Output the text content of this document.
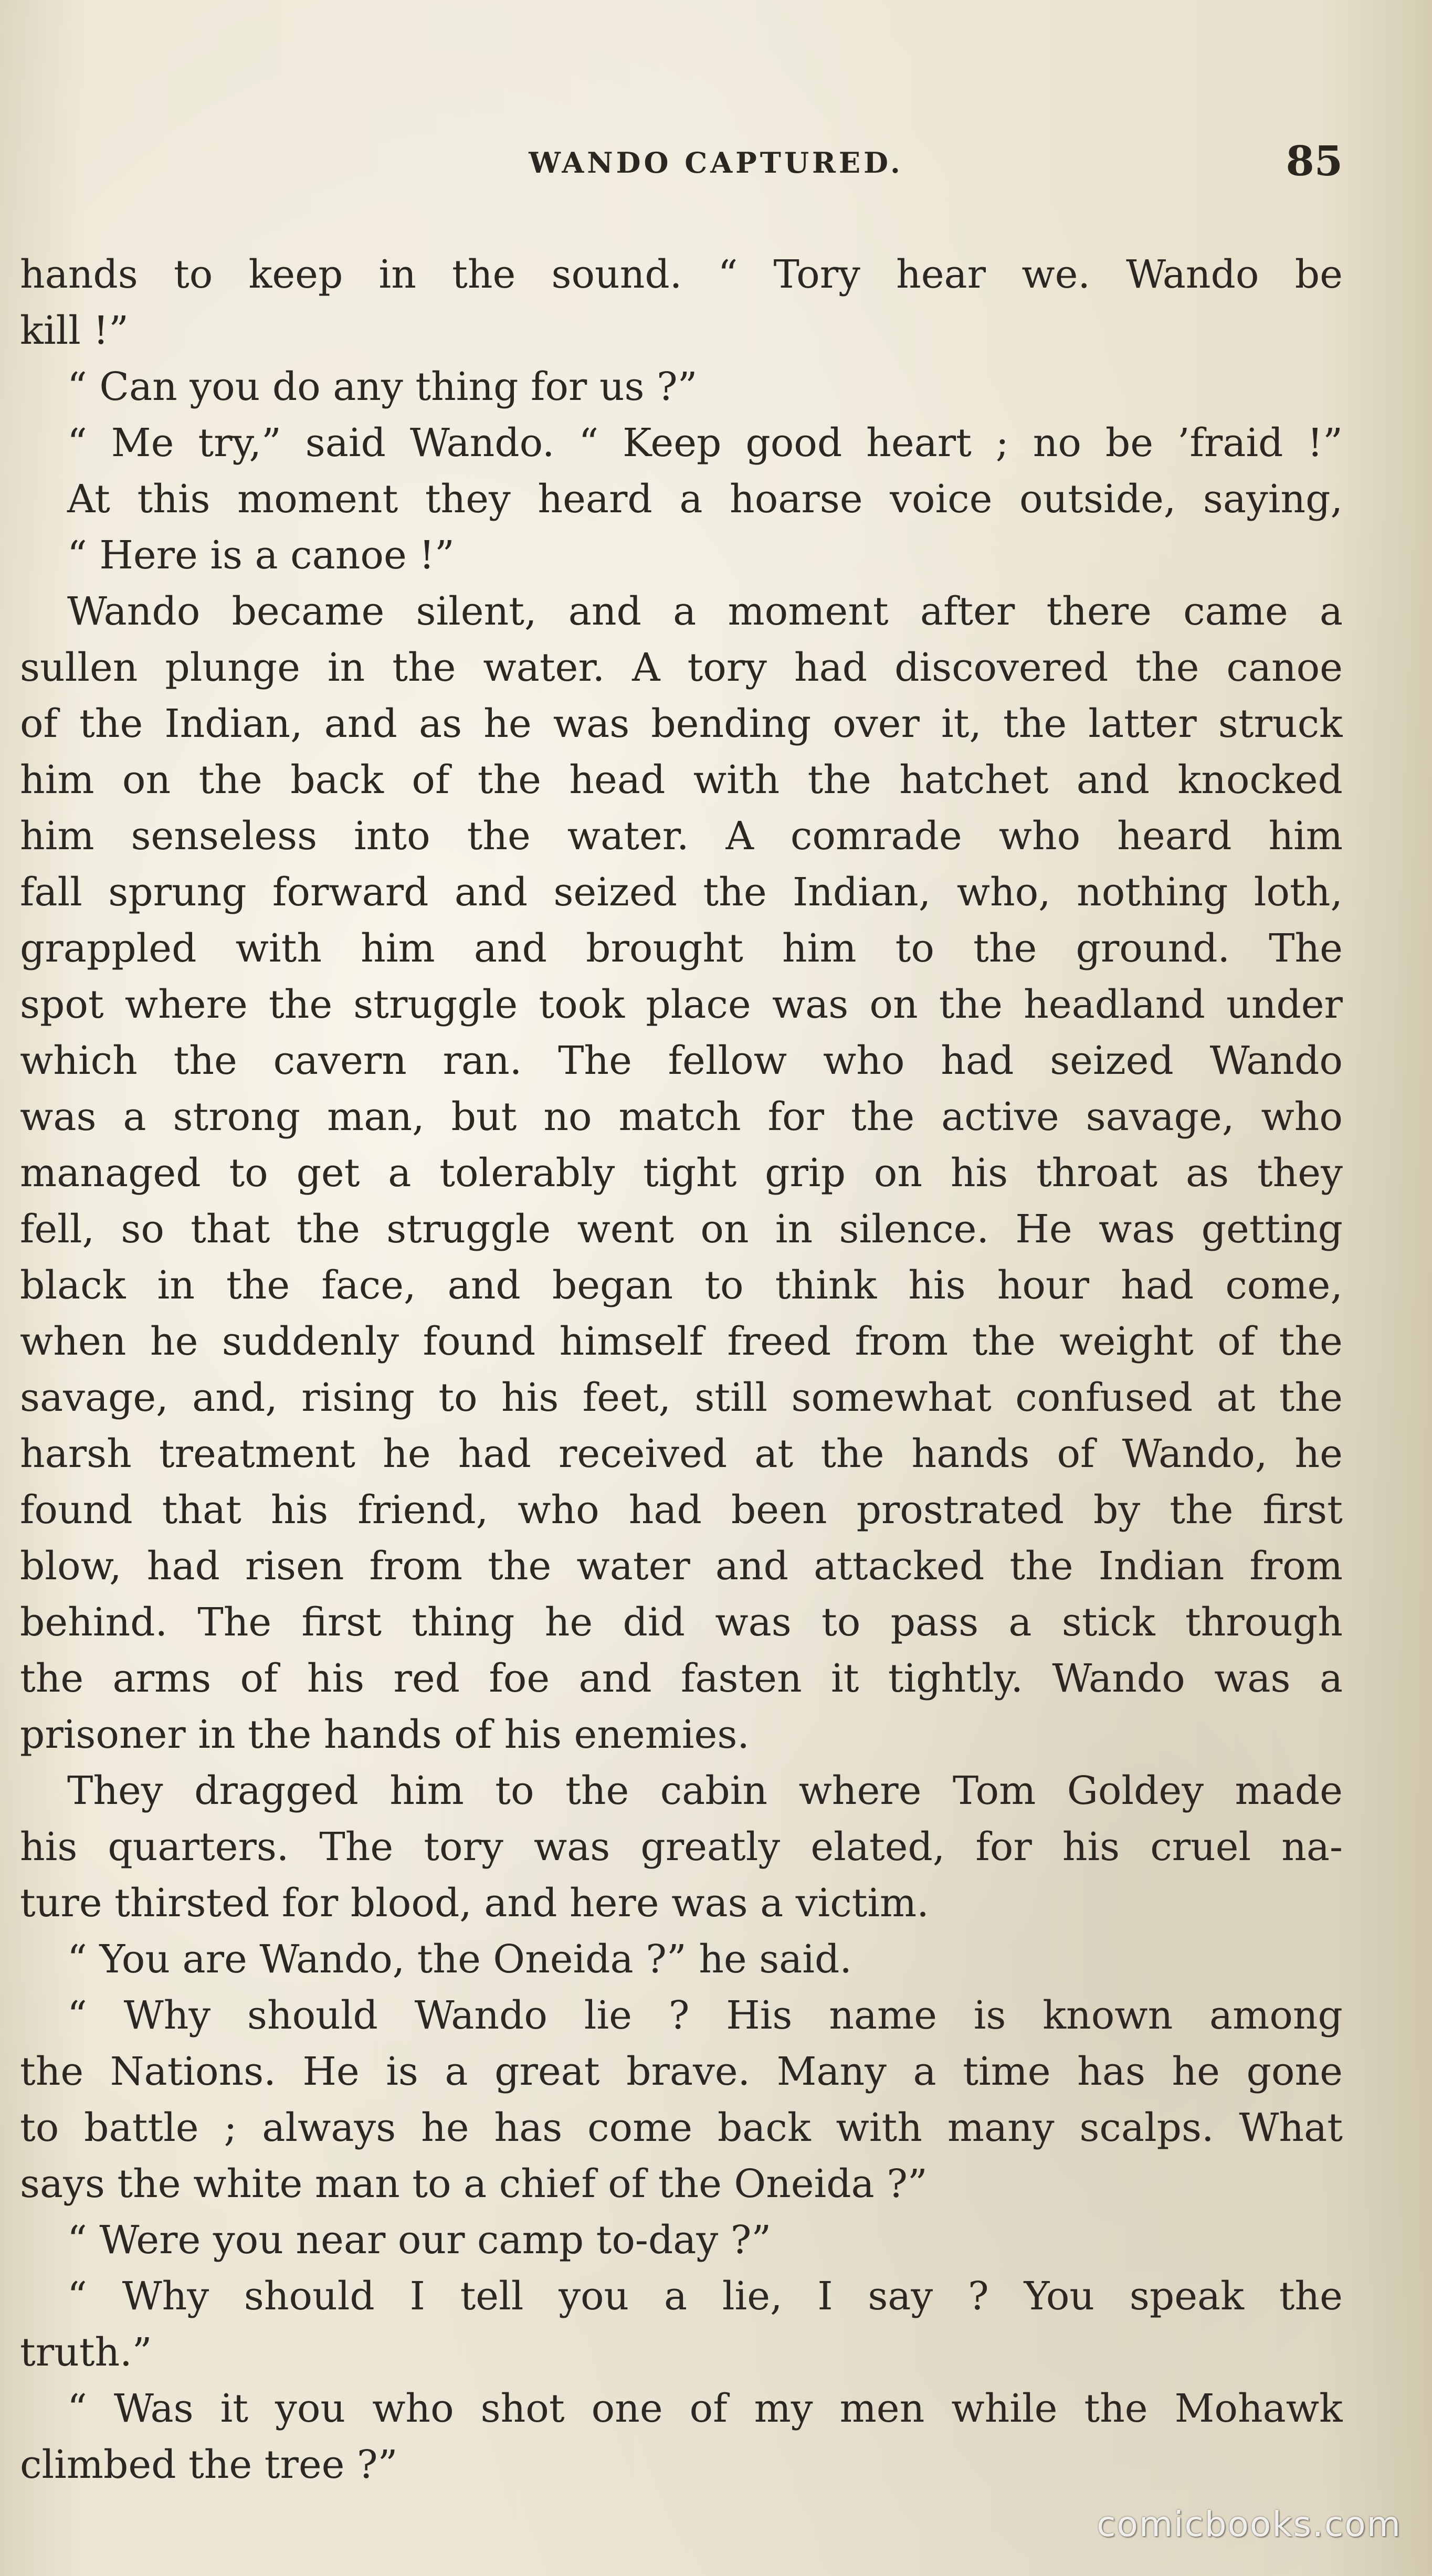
WANDO CAPTURED.	85
hands to keep in the sound. “ Tory hear we. Wando be
kill !”
“ Can you do any thing for us ?”
“ Me try,” said Wando. “ Keep good heart ; no be ’fraid !”
At this moment they heard a hoarse voice outside, saying,
“ Here is a canoe !”
Wando became silent, and a moment after there came a
sullen plunge in the water. A tory had discovered the canoe
of the Indian, and as he was bending over it, the latter struck
him on the back of the head with the hatchet and knocked
him senseless into the water. A comrade who heard him
fall sprung forward and seized the Indian, who, nothing loth,
grappled with him and brought him to the ground. The
spot where the struggle took place was on the headland under
which the cavern ran. The fellow who had seized Wando
was a strong man, but no match for the active savage, who
managed to get a tolerably tight grip on his throat as they
fell, so that the struggle went on in silence. He was getting
black in the face, and began to think his hour had come,
when he suddenly found himself freed from the weight of the
savage, and, rising to his feet, still somewhat confused at the
harsh treatment he had received at the hands of Wando, he
found that his friend, who had been prostrated by the first
blow, had risen from the water and attacked the Indian from
behind. The first thing he did was to pass a stick through
the arms of his red foe and fasten it tightly. Wando was a
prisoner in the hands of his enemies.
They dragged him to the cabin where Tom Goldey made
his quarters. The tory was greatly elated, for his cruel na-
ture thirsted for blood, and here was a victim.
“ You are Wando, the Oneida ?” he said.
“ Why should Wando lie ? His name is known among
the Nations. He is a great brave. Many a time has he gone
to battle ; always he has come back with many scalps. What
says the white man to a chief of the Oneida ?”
“ Were you near our camp to-day ?”
“ Why should I tell you a lie, I say ? You speak the
truth.”
“ Was it you who shot one of my men while the Mohawk
climbed the tree ?”
comicbooks.com
